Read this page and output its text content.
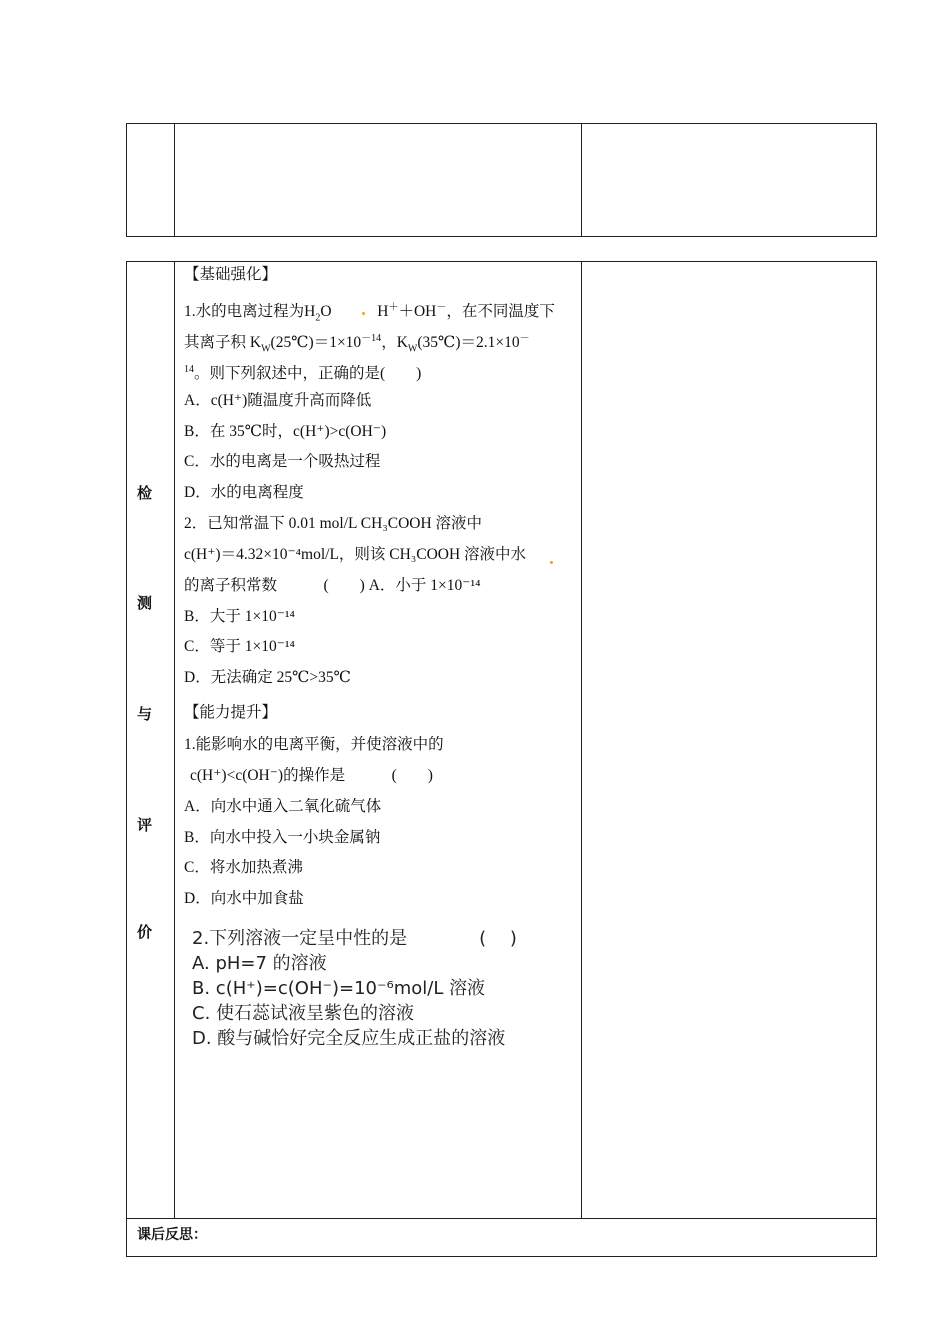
检
测
与
评
价
【基础强化】
1.水的电离过程为$H_2O$	H＋＋OH－，在不同温度下
其离子积 $K_W(25℃)=1\times 10^{-14}$，$K_W(35℃)=2.1\times 10^-$
$^{14}$。则下列叙述中，正确的是(　　)
A．c(H⁺)随温度升高而降低
B．在 35℃时，c(H⁺)>c(OH⁻)
C．水的电离是一个吸热过程
D．水的电离程度
2．已知常温下 0.01 mol/L CH₃COOH 溶液中
c(H⁺)＝4.32×10⁻⁴mol/L，则该 CH₃COOH 溶液中水
的离子积常数　　　(　　) A．小于 1×10⁻¹⁴
B．大于 1×10⁻¹⁴
C．等于 1×10⁻¹⁴
D．无法确定 25℃>35℃
【能力提升】
1.能影响水的电离平衡，并使溶液中的
c(H⁺)<c(OH⁻)的操作是　　　(　　)
A．向水中通入二氧化硫气体
B．向水中投入一小块金属钠
C．将水加热煮沸
D．向水中加食盐
2.下列溶液一定呈中性的是　　　　(　 )
A. pH=7 的溶液
B. c(H⁺)=c(OH⁻)=10⁻⁶mol/L 溶液
C. 使石蕊试液呈紫色的溶液
D. 酸与碱恰好完全反应生成正盐的溶液
课后反思：
